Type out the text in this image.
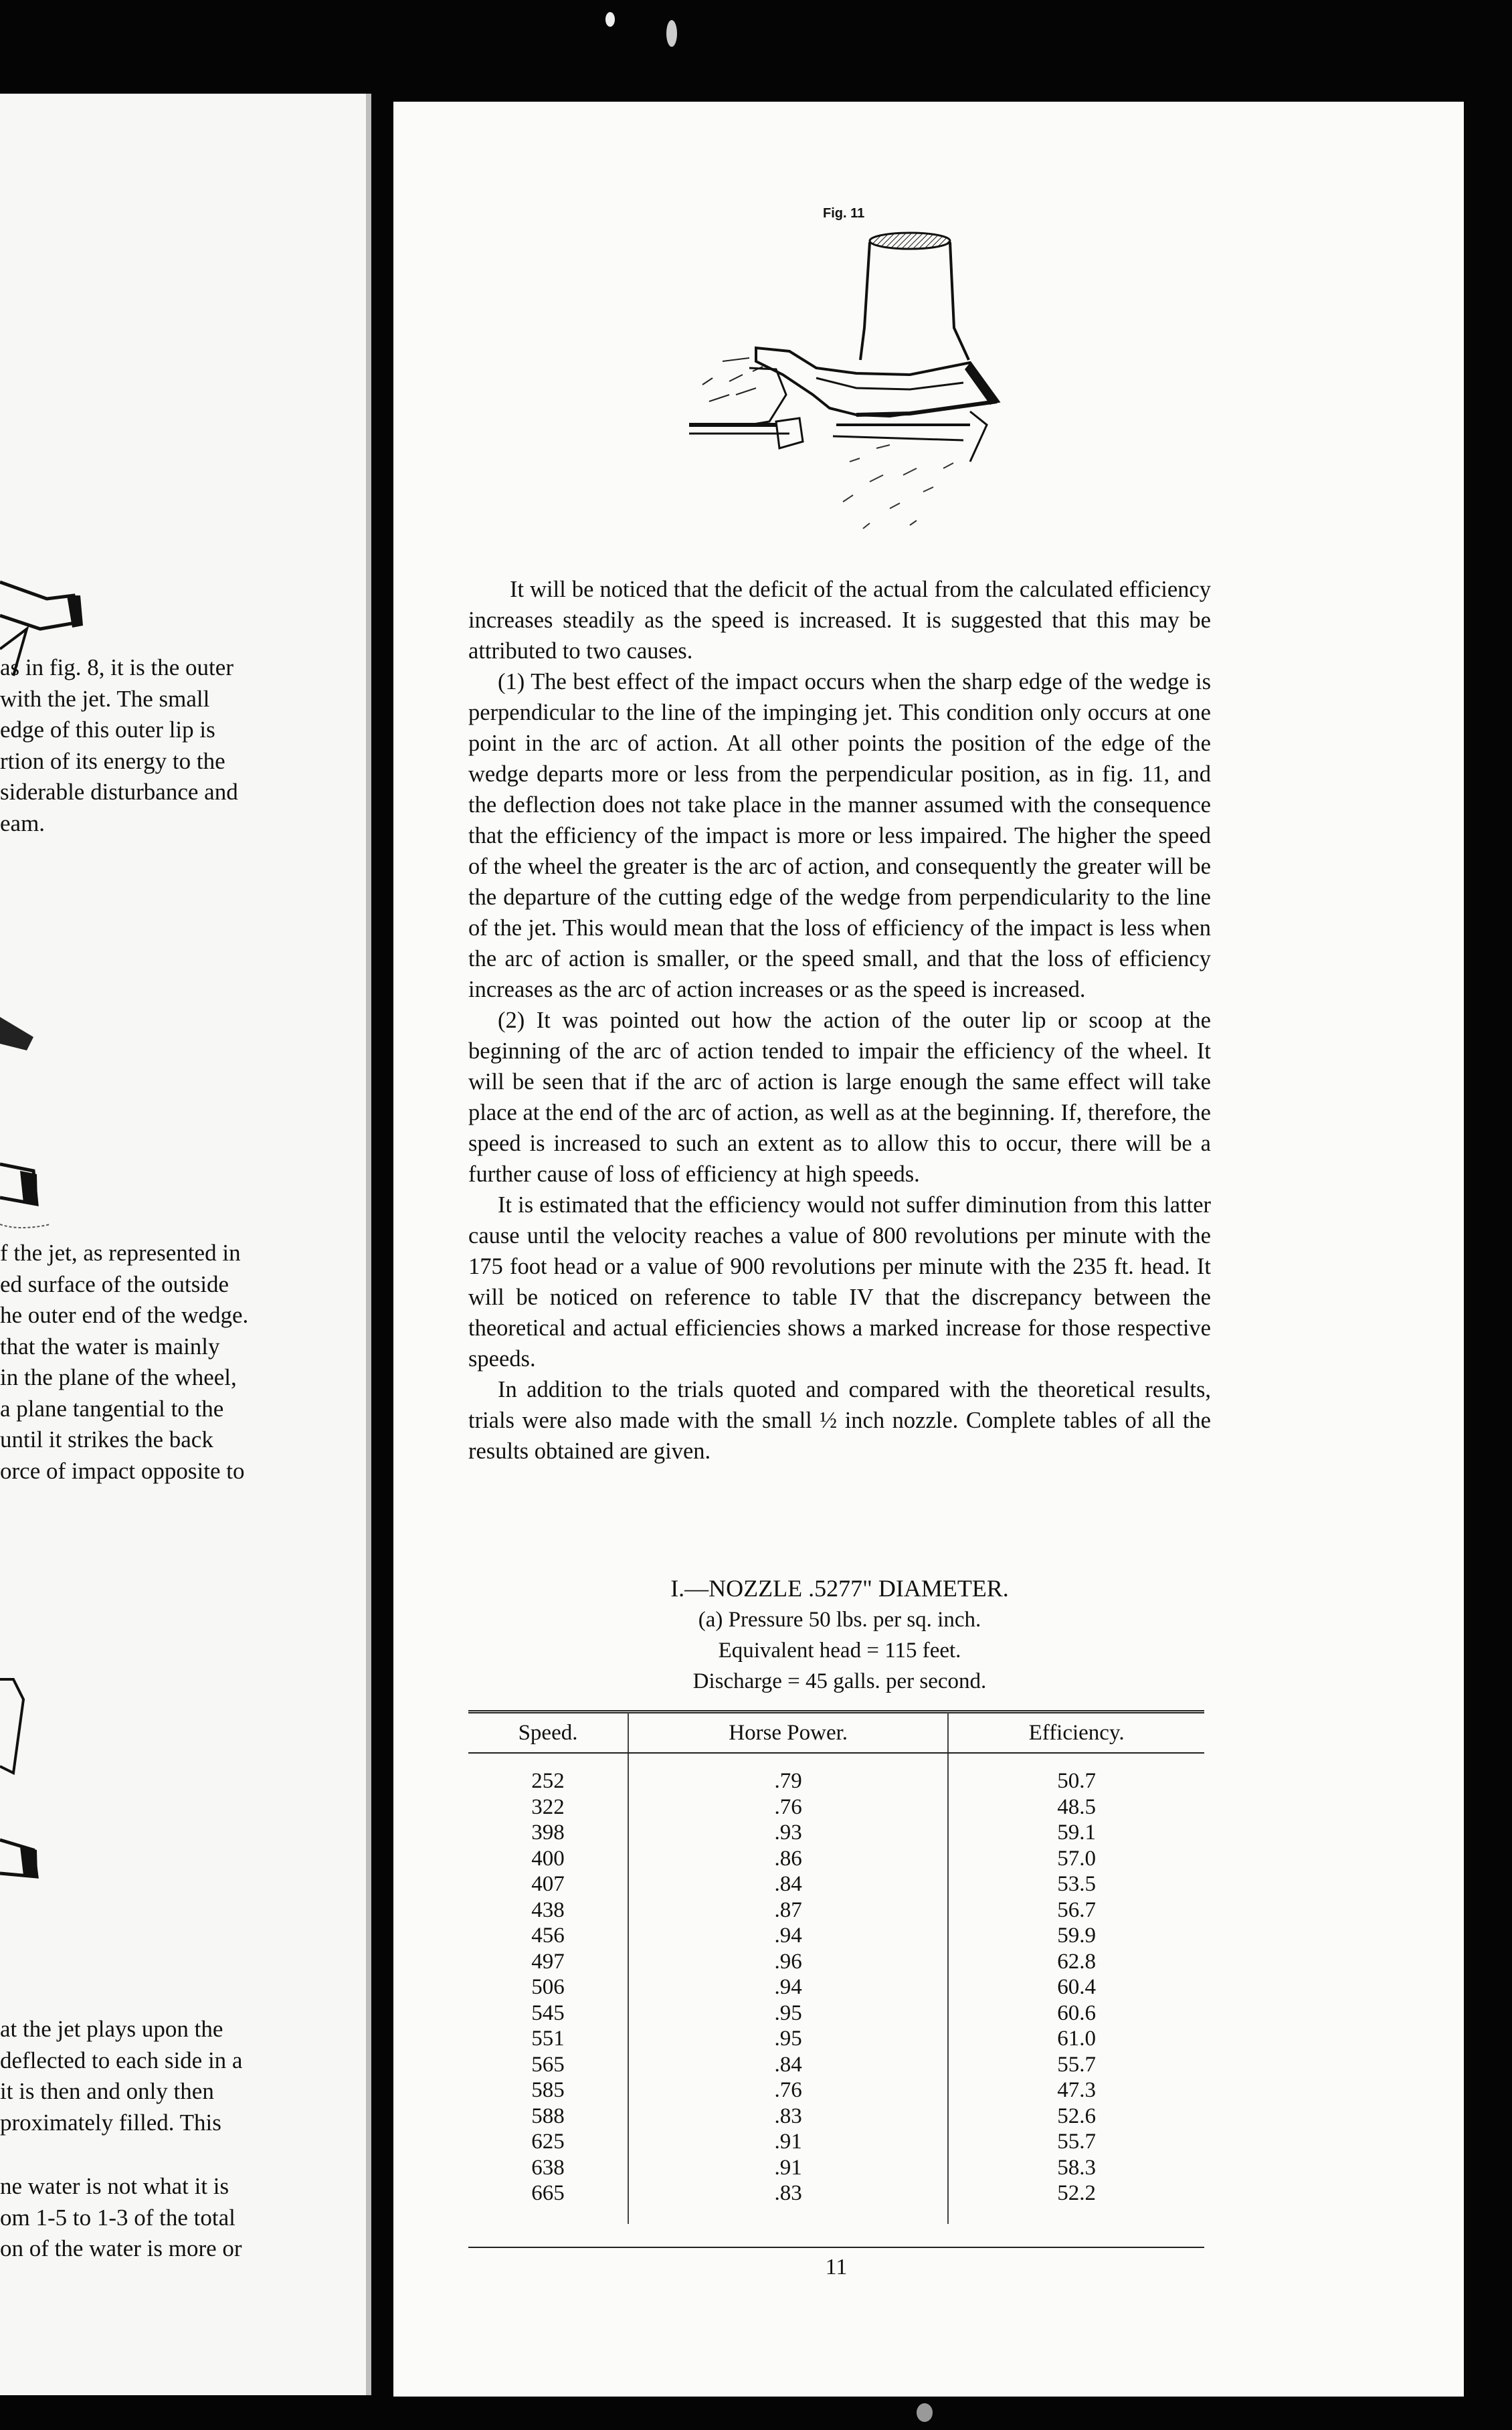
as in fig. 8, it is the outer
with the jet. The small
edge of this outer lip is
rtion of its energy to the
siderable disturbance and
eam.
f the jet, as represented in
ed surface of the outside
he outer end of the wedge.
that the water is mainly
in the plane of the wheel,
a plane tangential to the
until it strikes the back
orce of impact opposite to
at the jet plays upon the
deflected to each side in a
it is then and only then
proximately filled. This
ne water is not what it is
om 1-5 to 1-3 of the total
on of the water is more or
Fig. 11

It will be noticed that the deficit of the actual from the calculated efficiency increases steadily as the speed is increased. It is suggested that this may be attributed to two causes.

(1) The best effect of the impact occurs when the sharp edge of the wedge is perpendicular to the line of the impinging jet. This condition only occurs at one point in the arc of action. At all other points the position of the edge of the wedge departs more or less from the perpendicular position, as in fig. 11, and the deflection does not take place in the manner assumed with the consequence that the efficiency of the impact is more or less impaired. The higher the speed of the wheel the greater is the arc of action, and consequently the greater will be the departure of the cutting edge of the wedge from perpendicularity to the line of the jet. This would mean that the loss of efficiency of the impact is less when the arc of action is smaller, or the speed small, and that the loss of efficiency increases as the arc of action increases or as the speed is increased.

(2) It was pointed out how the action of the outer lip or scoop at the beginning of the arc of action tended to impair the efficiency of the wheel. It will be seen that if the arc of action is large enough the same effect will take place at the end of the arc of action, as well as at the beginning. If, therefore, the speed is increased to such an extent as to allow this to occur, there will be a further cause of loss of efficiency at high speeds.

It is estimated that the efficiency would not suffer diminution from this latter cause until the velocity reaches a value of 800 revolutions per minute with the 175 foot head or a value of 900 revolutions per minute with the 235 ft. head. It will be noticed on reference to table IV that the discrepancy between the theoretical and actual efficiencies shows a marked increase for those respective speeds.

In addition to the trials quoted and compared with the theoretical results, trials were also made with the small ½ inch nozzle. Complete tables of all the results obtained are given.

I.—NOZZLE .5277" DIAMETER.
(a) Pressure 50 lbs. per sq. inch.
Equivalent head = 115 feet.
Discharge = 45 galls. per second.
Speed.	Horse Power.	Efficiency.
252	.79	50.7
322	.76	48.5
398	.93	59.1
400	.86	57.0
407	.84	53.5
438	.87	56.7
456	.94	59.9
497	.96	62.8
506	.94	60.4
545	.95	60.6
551	.95	61.0
565	.84	55.7
585	.76	47.3
588	.83	52.6
625	.91	55.7
638	.91	58.3
665	.83	52.2
11
